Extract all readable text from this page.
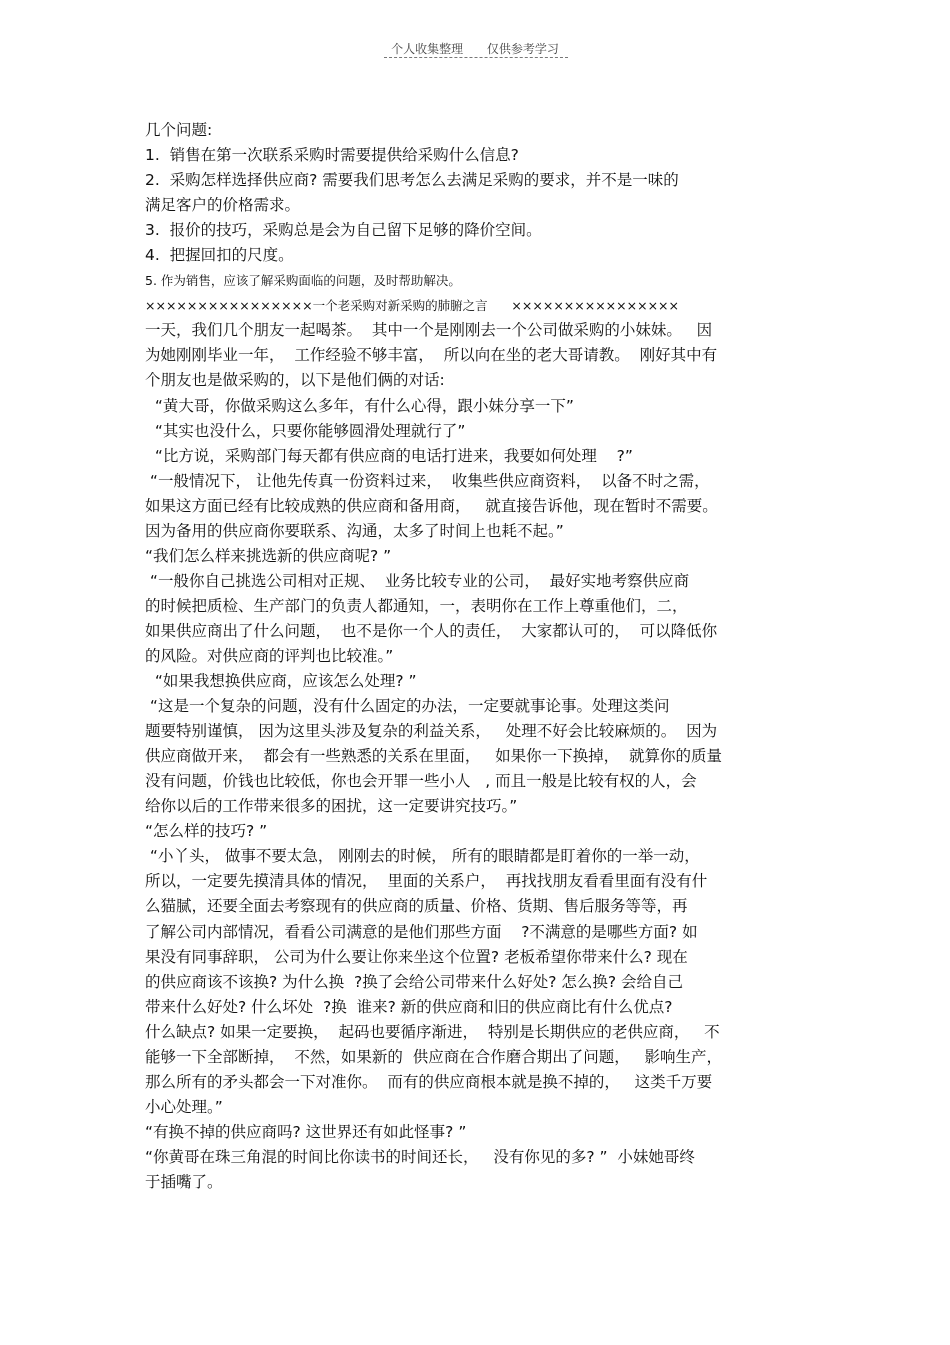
个人收集整理 仅供参考学习
几个问题:
1.  销售在第一次联系采购时需要提供给采购什么信息?
2.  采购怎样选择供应商? 需要我们思考怎么去满足采购的要求，并不是一味的
满足客户的价格需求。
3.  报价的技巧，采购总是会为自己留下足够的降价空间。
4.  把握回扣的尺度。
5. 作为销售，应该了解采购面临的问题，及时帮助解决。
××××××××××××××××一个老采购对新采购的肺腑之言      ××××××××××××××××
一天，我们几个朋友一起喝茶。  其中一个是刚刚去一个公司做采购的小妹妹。   因
为她刚刚毕业一年，  工作经验不够丰富，  所以向在坐的老大哥请教。  刚好其中有
个朋友也是做采购的，以下是他们俩的对话:
“黄大哥，你做采购这么多年，有什么心得，跟小妹分享一下”
“其实也没什么，只要你能够圆滑处理就行了”
“比方说，采购部门每天都有供应商的电话打进来，我要如何处理    ?”
“一般情况下， 让他先传真一份资料过来，  收集些供应商资料，  以备不时之需，
如果这方面已经有比较成熟的供应商和备用商，   就直接告诉他，现在暂时不需要。
因为备用的供应商你要联系、沟通，太多了时间上也耗不起。”
“我们怎么样来挑选新的供应商呢? ”
“一般你自己挑选公司相对正规、  业务比较专业的公司，  最好实地考察供应商
的时候把质检、生产部门的负责人都通知，一，表明你在工作上尊重他们，二，
如果供应商出了什么问题，  也不是你一个人的责任，  大家都认可的，  可以降低你
的风险。对供应商的评判也比较准。”
“如果我想换供应商，应该怎么处理? ”
“这是一个复杂的问题，没有什么固定的办法，一定要就事论事。处理这类问
题要特别谨慎， 因为这里头涉及复杂的利益关系，   处理不好会比较麻烦的。  因为
供应商做开来，  都会有一些熟悉的关系在里面，   如果你一下换掉，  就算你的质量
没有问题，价钱也比较低，你也会开罪一些小人   , 而且一般是比较有权的人，会
给你以后的工作带来很多的困扰，这一定要讲究技巧。”
“怎么样的技巧? ”
“小丫头， 做事不要太急， 刚刚去的时候， 所有的眼睛都是盯着你的一举一动，
所以，一定要先摸清具体的情况，  里面的关系户，  再找找朋友看看里面有没有什
么猫腻，还要全面去考察现有的供应商的质量、价格、货期、售后服务等等，再
了解公司内部情况，看看公司满意的是他们那些方面    ?不满意的是哪些方面? 如
果没有同事辞职， 公司为什么要让你来坐这个位置? 老板希望你带来什么? 现在
的供应商该不该换? 为什么换  ?换了会给公司带来什么好处? 怎么换? 会给自己
带来什么好处? 什么坏处  ?换  谁来? 新的供应商和旧的供应商比有什么优点?
什么缺点? 如果一定要换，  起码也要循序渐进，  特别是长期供应的老供应商，   不
能够一下全部断掉，  不然，如果新的  供应商在合作磨合期出了问题，   影响生产，
那么所有的矛头都会一下对准你。  而有的供应商根本就是换不掉的，   这类千万要
小心处理。”
“有换不掉的供应商吗? 这世界还有如此怪事? ”
“你黄哥在珠三角混的时间比你读书的时间还长，   没有你见的多? ”  小妹她哥终
于插嘴了。
